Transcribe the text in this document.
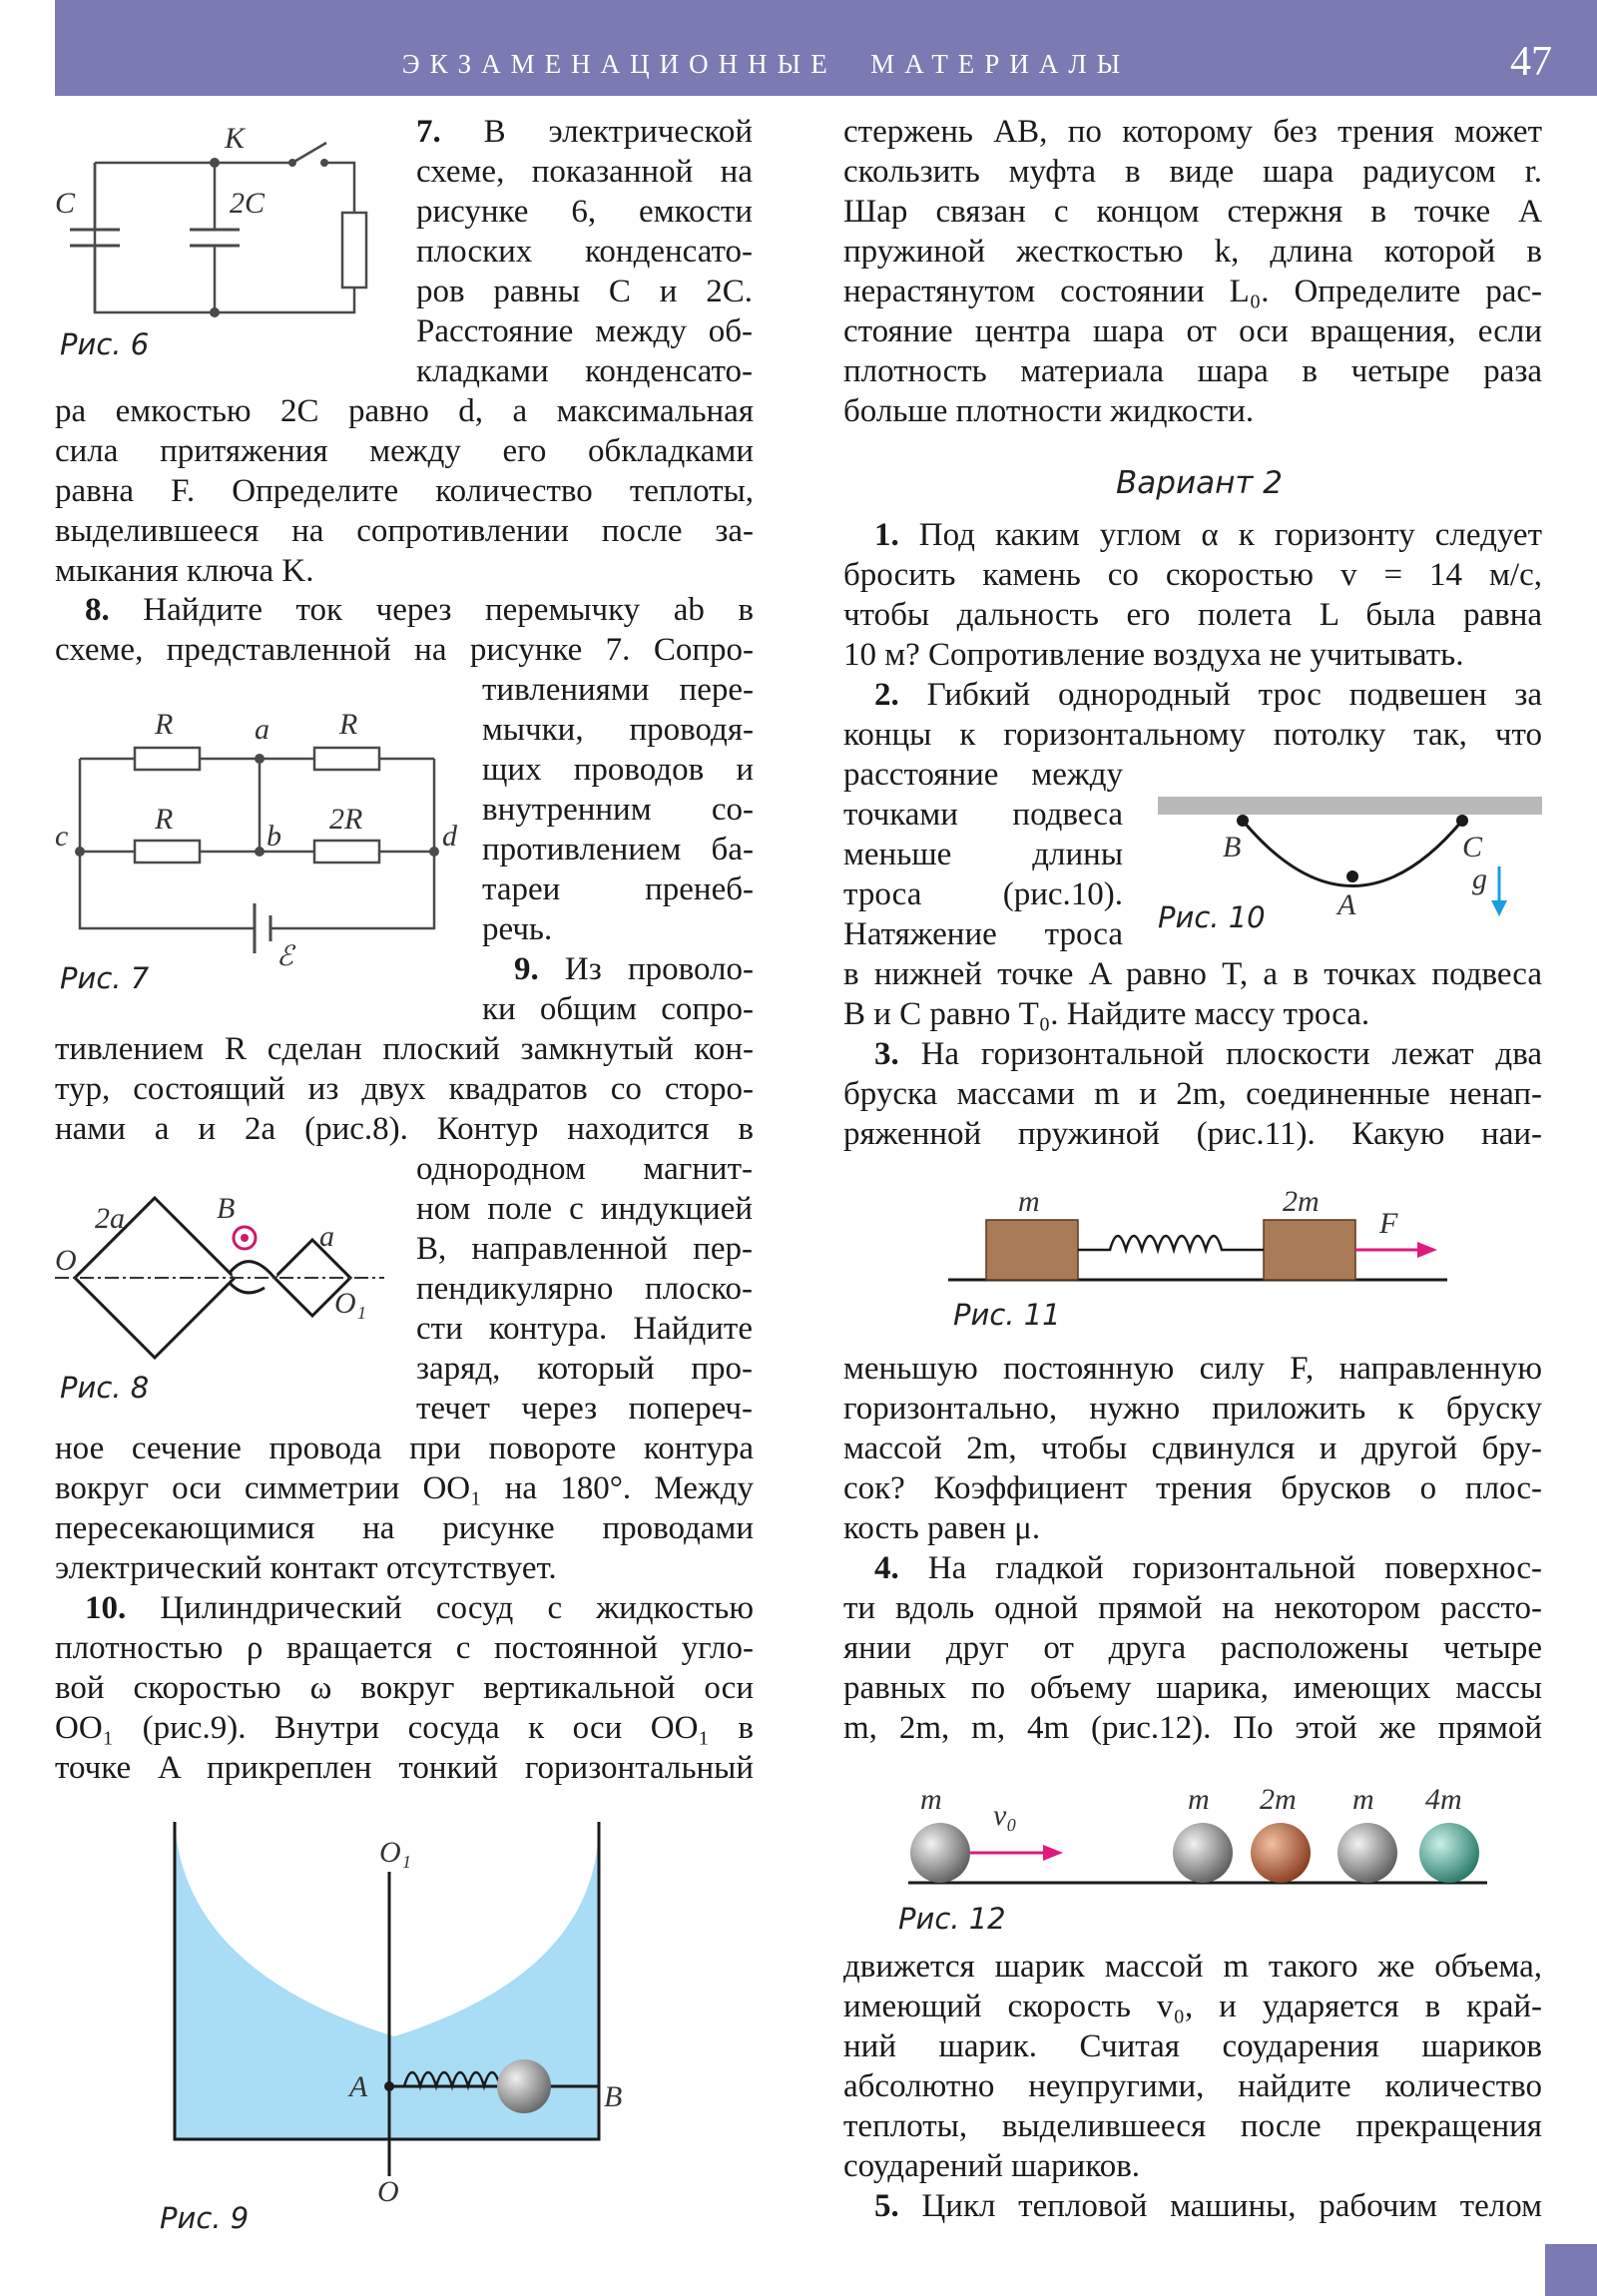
ЭКЗАМЕНАЦИОННЫЕ  МАТЕРИАЛЫ	47
7. В электрической
схеме, показанной на
рисунке 6, емкости
плоских конденсато-
ров равны C и 2C.
Расстояние между об-
кладками конденсато-
ра емкостью 2C равно d, а максимальная
сила притяжения между его обкладками
равна F. Определите количество теплоты,
выделившееся на сопротивлении после за-
мыкания ключа K.
8. Найдите ток через перемычку ab в
схеме, представленной на рисунке 7. Сопро-
тивлениями пере-
мычки, проводя-
щих проводов и
внутренним со-
противлением ба-
тареи пренеб-
речь.
9. Из проволо-
ки общим сопро-
тивлением R сделан плоский замкнутый кон-
тур, состоящий из двух квадратов со сторо-
нами a и 2a (рис.8). Контур находится в
однородном магнит-
ном поле с индукцией
B, направленной пер-
пендикулярно плоско-
сти контура. Найдите
заряд, который про-
течет через попереч-
ное сечение провода при повороте контура
вокруг оси симметрии OO₁ на 180°. Между
пересекающимися на рисунке проводами
электрический контакт отсутствует.
10. Цилиндрический сосуд с жидкостью
плотностью ρ вращается с постоянной угло-
вой скоростью ω вокруг вертикальной оси
OO₁ (рис.9). Внутри сосуда к оси OO₁ в
точке A прикреплен тонкий горизонтальный
стержень AB, по которому без трения может
скользить муфта в виде шара радиусом r.
Шар связан с концом стержня в точке A
пружиной жесткостью k, длина которой в
нерастянутом состоянии L₀. Определите рас-
стояние центра шара от оси вращения, если
плотность материала шара в четыре раза
больше плотности жидкости.
1. Под каким углом α к горизонту следует
бросить камень со скоростью v = 14 м/с,
чтобы дальность его полета L была равна
10 м? Сопротивление воздуха не учитывать.
2. Гибкий однородный трос подвешен за
концы к горизонтальному потолку так, что
расстояние между
точками подвеса
меньше длины
троса (рис.10).
Натяжение троса
в нижней точке A равно T, а в точках подвеса
B и C равно T₀. Найдите массу троса.
3. На горизонтальной плоскости лежат два
бруска массами m и 2m, соединенные ненап-
ряженной пружиной (рис.11). Какую наи-
меньшую постоянную силу F, направленную
горизонтально, нужно приложить к бруску
массой 2m, чтобы сдвинулся и другой бру-
сок? Коэффициент трения брусков о плос-
кость равен μ.
4. На гладкой горизонтальной поверхнос-
ти вдоль одной прямой на некотором рассто-
янии друг от друга расположены четыре
равных по объему шарика, имеющих массы
m, 2m, m, 4m (рис.12). По этой же прямой
движется шарик массой m такого же объема,
имеющий скорость v₀, и ударяется в край-
ний шарик. Считая соударения шариков
абсолютно неупругими, найдите количество
теплоты, выделившееся после прекращения
соударений шариков.
5. Цикл тепловой машины, рабочим телом
Вариант 2
K
C	2C
Рис. 6
R	R
R	2R
a
b
c	d
ℰ
Рис. 7
2a
a
B
O
O₁
Рис. 8
O₁
O
A	B
Рис. 9
B	C
A
g
Рис. 10
m	2m
F
Рис. 11
m v₀	m 2m m 4m
Рис. 12
